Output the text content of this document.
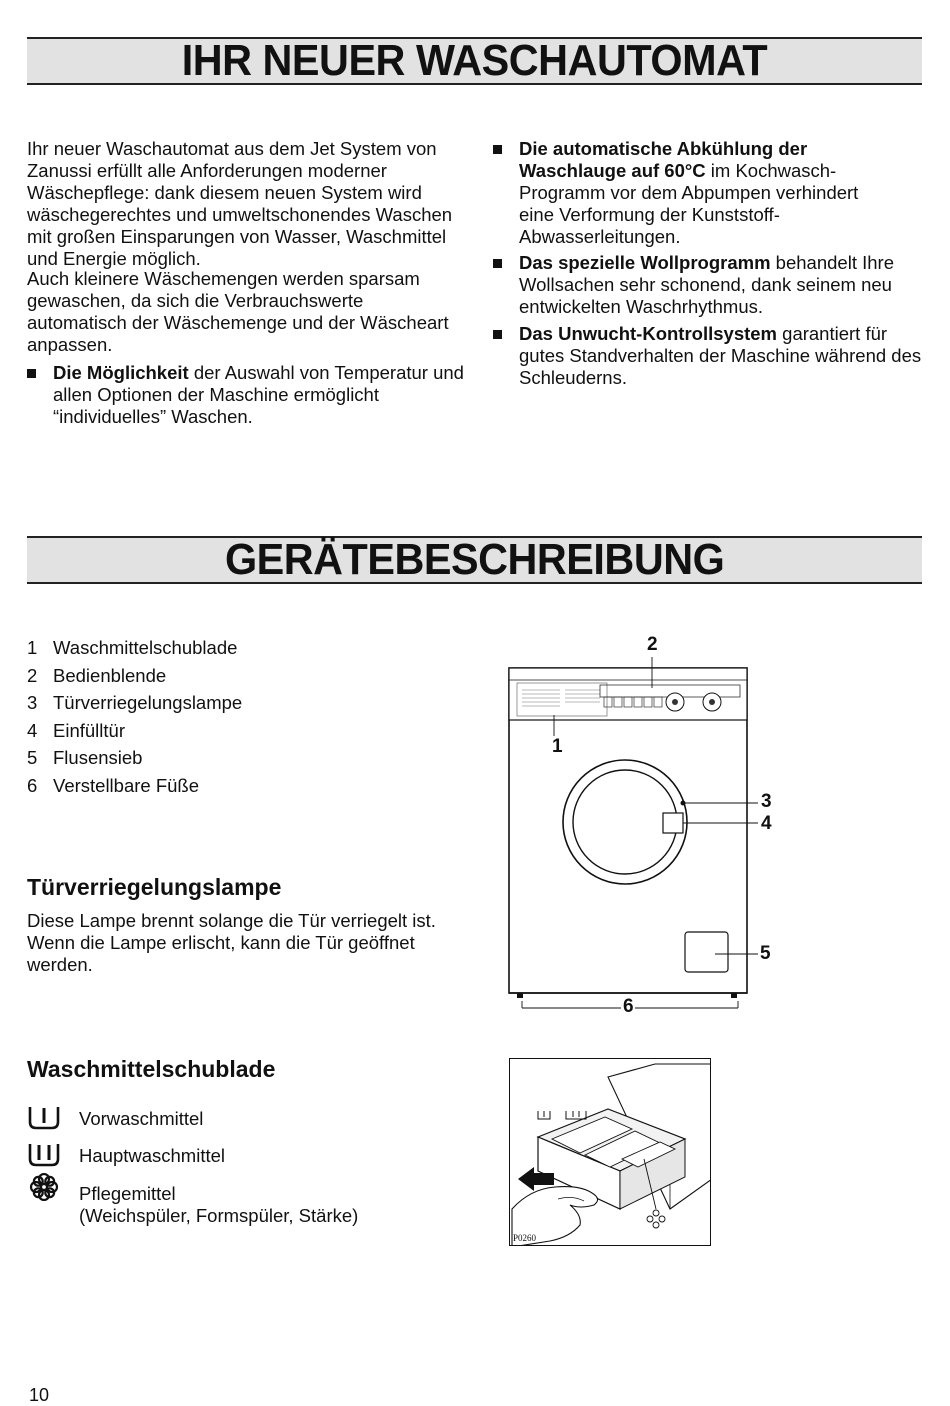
IHR NEUER WASCHAUTOMAT

Ihr neuer Waschautomat aus dem Jet System von Zanussi erfüllt alle Anforderungen moderner Wäschepflege: dank diesem neuen System wird wäschegerechtes und umweltschonendes Waschen mit großen Einsparungen von Wasser, Waschmittel und Energie möglich.

Auch kleinere Wäschemengen werden sparsam gewaschen, da sich die Verbrauchswerte automatisch der Wäschemenge und der Wäscheart anpassen.

Die Möglichkeit der Auswahl von Temperatur und allen Optionen der Maschine ermöglicht “individuelles” Waschen.
Die automatische Abkühlung der Waschlauge auf 60°C im Kochwasch-Programm vor dem Abpumpen verhindert eine Verformung der Kunststoff-Abwasserleitungen.
Das spezielle Wollprogramm behandelt Ihre Wollsachen sehr schonend, dank seinem neu entwickelten Waschrhythmus.
Das Unwucht-Kontrollsystem garantiert für gutes Standverhalten der Maschine während des Schleuderns.
GERÄTEBESCHREIBUNG
1 Waschmittelschublade
2 Bedienblende
3 Türverriegelungslampe
4 Einfülltür
5 Flusensieb
6 Verstellbare Füße
2
1
3
4
5
6
Türverriegelungslampe

Diese Lampe brennt solange die Tür verriegelt ist. Wenn die Lampe erlischt, kann die Tür geöffnet werden.

Waschmittelschublade
Vorwaschmittel
Hauptwaschmittel
Pflegemittel
(Weichspüler, Formspüler, Stärke)
P0260
10
